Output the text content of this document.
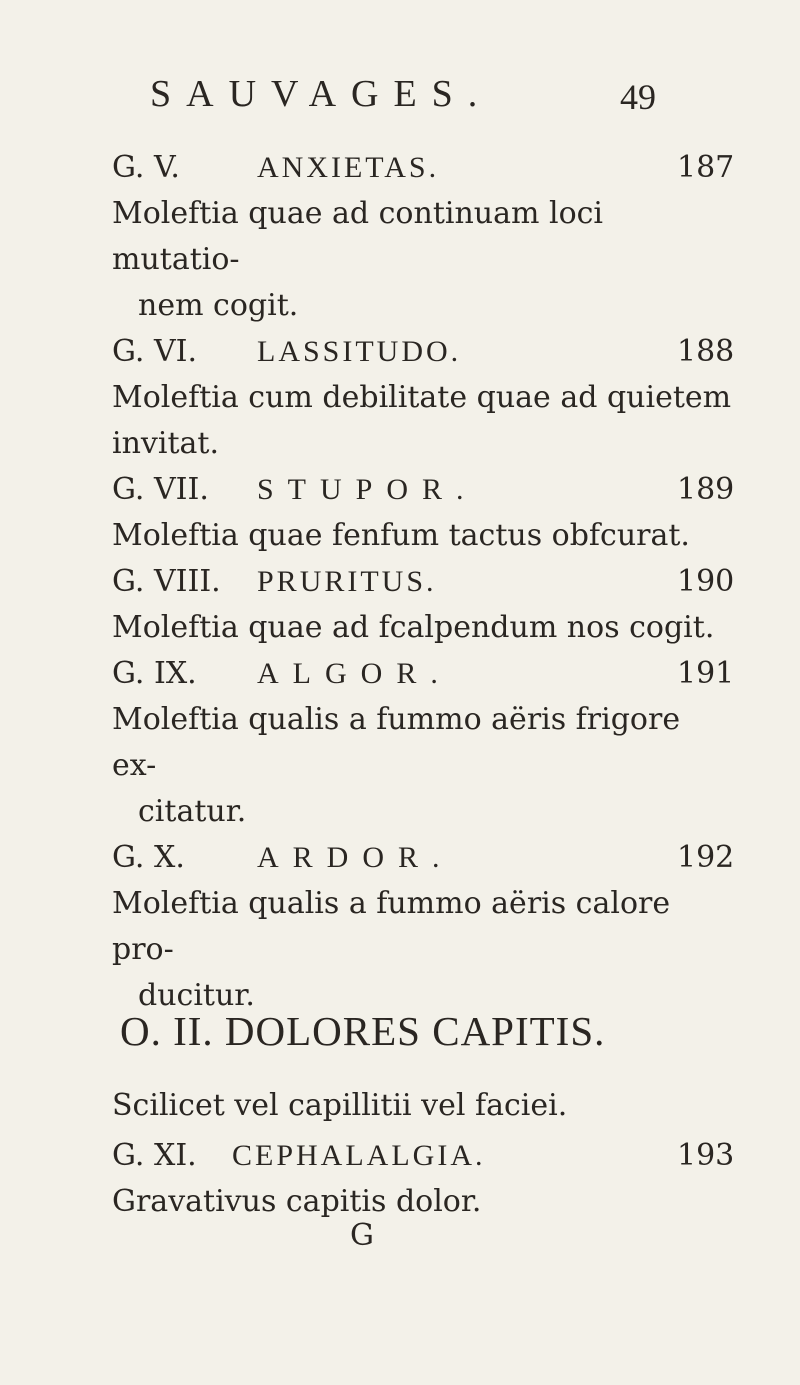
SAUVAGES.	49
G. V.	ANXIETAS.	187
Moleftia quae ad continuam loci mutatio-
nem cogit.
G. VI. LASSITUDO.	188
Moleftia cum debilitate quae ad quietem
invitat.
G. VII. STUPOR.	189
Moleftia quae fenfum tactus obfcurat.
G. VIII. PRURITUS.	190
Moleftia quae ad fcalpendum nos cogit.
G. IX. ALGOR.	191
Moleftia qualis a fummo aëris frigore ex-
citatur.
G. X. ARDOR.	192
Moleftia qualis a fummo aëris calore pro-
ducitur.
O. II. DOLORES CAPITIS.
Scilicet vel capillitii vel faciei.
G. XI. CEPHALALGIA.	193
Gravativus capitis dolor.
G
